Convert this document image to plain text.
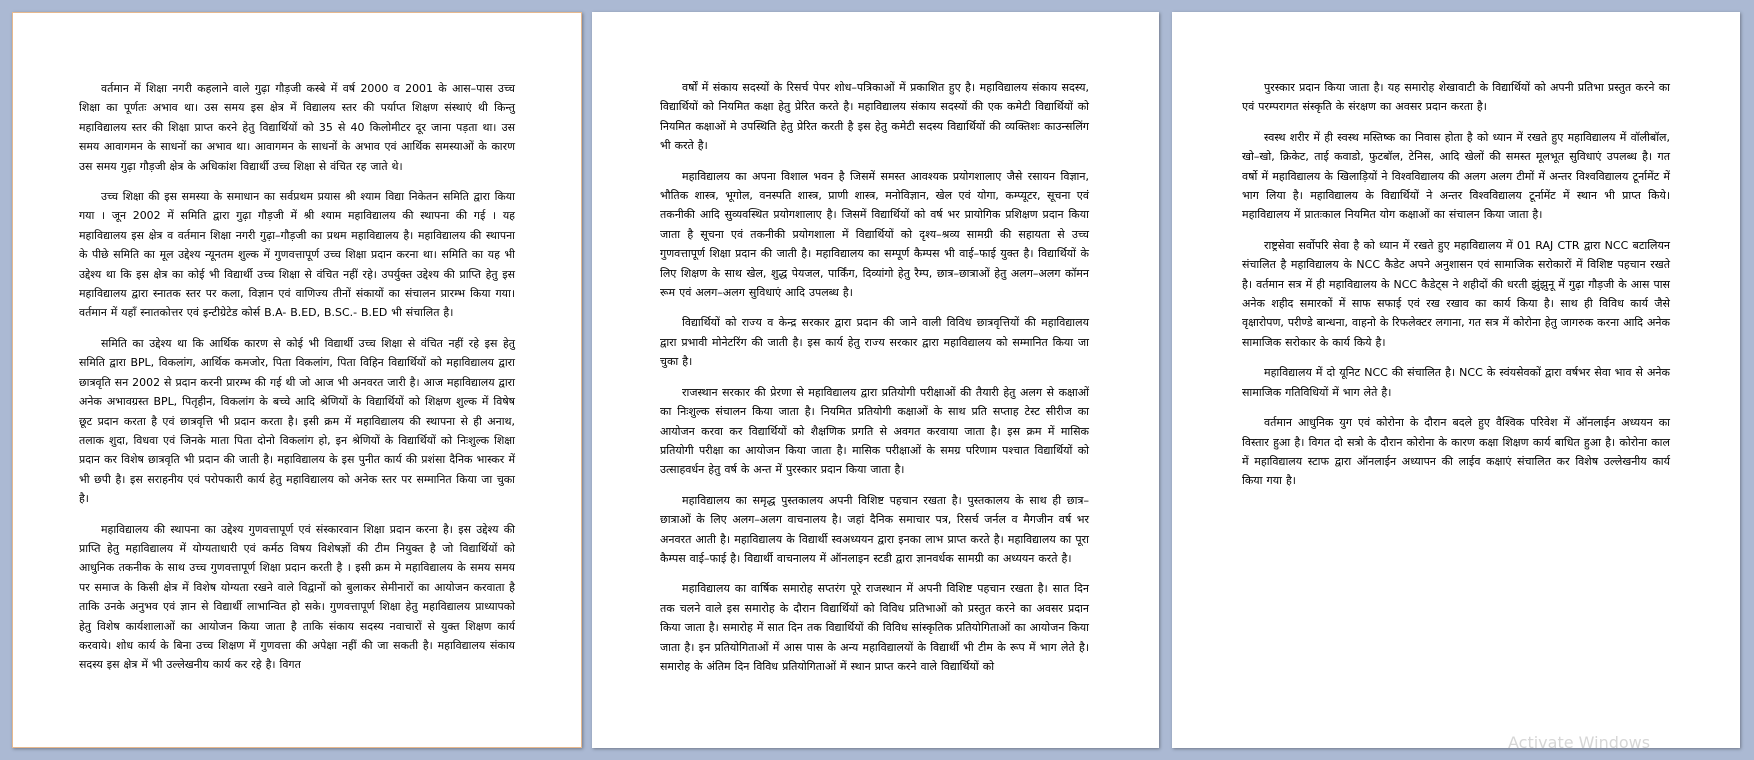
वर्तमान में शिक्षा नगरी कहलाने वाले गुढ़ा गौड़जी कस्बे में वर्ष 2000 व 2001 के आस–पास उच्च शिक्षा का पूर्णतः अभाव था। उस समय इस क्षेत्र में विद्यालय स्तर की पर्याप्त शिक्षण संस्थाएं थी किन्तु महाविद्यालय स्तर की शिक्षा प्राप्त करने हेतु विद्यार्थियों को 35 से 40 किलोमीटर दूर जाना पड़ता था। उस समय आवागमन के साधनों का अभाव था। आवागमन के साधनों के अभाव एवं आर्थिक समस्याओं के कारण उस समय गुढ़ा गौड़जी क्षेत्र के अधिकांश विद्यार्थी उच्च शिक्षा से वंचित रह जाते थे।

उच्च शिक्षा की इस समस्या के समाधान का सर्वप्रथम प्रयास श्री श्याम विद्या निकेतन समिति द्वारा किया गया । जून 2002 में समिति द्वारा गुढ़ा गौड़जी में श्री श्याम महाविद्यालय की स्थापना की गई । यह महाविद्यालय इस क्षेत्र व वर्तमान शिक्षा नगरी गुढ़ा–गौड़जी का प्रथम महाविद्यालय है। महाविद्यालय की स्थापना के पीछे समिति का मूल उद्देश्य न्यूनतम शुल्क में गुणवत्तापूर्ण उच्च शिक्षा प्रदान करना था। समिति का यह भी उद्देश्य था कि इस क्षेत्र का कोई भी विद्यार्थी उच्च शिक्षा से वंचित नहीं रहे। उपर्युक्त उद्देश्य की प्राप्ति हेतु इस महाविद्यालय द्वारा स्नातक स्तर पर कला, विज्ञान एवं वाणिज्य तीनों संकायों का संचालन प्रारम्भ किया गया। वर्तमान में यहाँ स्नातकोत्तर एवं इन्टीग्रेटेड कोर्स B.A- B.ED, B.SC.- B.ED भी संचालित है।

समिति का उद्देश्य था कि आर्थिक कारण से कोई भी विद्यार्थी उच्च शिक्षा से वंचित नहीं रहे इस हेतु समिति द्वारा BPL, विकलांग, आर्थिक कमजोर, पिता विकलांग, पिता विहिन विद्यार्थियों को महाविद्यालय द्वारा छात्रवृति सन 2002 से प्रदान करनी प्रारम्भ की गई थी जो आज भी अनवरत जारी है। आज महाविद्यालय द्वारा अनेक अभावग्रस्त BPL, पितृहीन, विकलांग के बच्चे आदि श्रेणियों के विद्यार्थियों को शिक्षण शुल्क में विषेष छूट प्रदान करता है एवं छात्रवृत्ति भी प्रदान करता है। इसी क्रम में महाविद्यालय की स्थापना से ही अनाथ, तलाक शुदा, विधवा एवं जिनके माता पिता दोनो विकलांग हो, इन श्रेणियों के विद्यार्थियों को निःशुल्क शिक्षा प्रदान कर विशेष छात्रवृति भी प्रदान की जाती है। महाविद्यालय के इस पुनीत कार्य की प्रशंसा दैनिक भास्कर में भी छपी है। इस सराहनीय एवं परोपकारी कार्य हेतु महाविद्यालय को अनेक स्तर पर सम्मानित किया जा चुका है।

महाविद्यालय की स्थापना का उद्देश्य गुणवत्तापूर्ण एवं संस्कारवान शिक्षा प्रदान करना है। इस उद्देश्य की प्राप्ति हेतु महाविद्यालय में योग्यताधारी एवं कर्मठ विषय विशेषज्ञों की टीम नियुक्त है जो विद्यार्थियों को आधुनिक तकनीक के साथ उच्च गुणवत्तापूर्ण शिक्षा प्रदान करती है । इसी क्रम मे महाविद्यालय के समय समय पर समाज के किसी क्षेत्र में विशेष योग्यता रखने वाले विद्वानों को बुलाकर सेमीनारों का आयोजन करवाता है ताकि उनके अनुभव एवं ज्ञान से विद्यार्थी लाभान्वित हो सके। गुणवत्तापूर्ण शिक्षा हेतु महाविद्यालय प्राध्यापको हेतु विशेष कार्यशालाओं का आयोजन किया जाता है ताकि संकाय सदस्य नवाचारों से युक्त शिक्षण कार्य करवाये। शोध कार्य के बिना उच्च शिक्षण में गुणवत्ता की अपेक्षा नहीं की जा सकती है। महाविद्यालय संकाय सदस्य इस क्षेत्र में भी उल्लेखनीय कार्य कर रहे है। विगत

वर्षों में संकाय सदस्यों के रिसर्च पेपर शोध–पत्रिकाओं में प्रकाशित हुए है। महाविद्यालय संकाय सदस्य, विद्यार्थियों को नियमित कक्षा हेतु प्रेरित करते है। महाविद्यालय संकाय सदस्यों की एक कमेटी विद्यार्थियों को नियमित कक्षाओं मे उपस्थिति हेतु प्रेरित करती है इस हेतु कमेटी सदस्य विद्यार्थियों की व्यक्तिशः काउन्सलिंग भी करते है।

महाविद्यालय का अपना विशाल भवन है जिसमें समस्त आवश्यक प्रयोगशालाए जैसे रसायन विज्ञान, भौतिक शास्त्र, भूगोल, वनस्पति शास्त्र, प्राणी शास्त्र, मनोविज्ञान, खेल एवं योगा, कम्प्यूटर, सूचना एवं तकनीकी आदि सुव्यवस्थित प्रयोगशालाए है। जिसमें विद्यार्थियों को वर्ष भर प्रायोगिक प्रशिक्षण प्रदान किया जाता है सूचना एवं तकनीकी प्रयोगशाला में विद्यार्थियों को दृश्य–श्रव्य सामग्री की सहायता से उच्च गुणवत्तापूर्ण शिक्षा प्रदान की जाती है। महाविद्यालय का सम्पूर्ण कैम्पस भी वाई–फाई युक्त है। विद्यार्थियों के लिए शिक्षण के साथ खेल, शुद्ध पेयजल, पार्किंग, दिव्यांगो हेतु रैम्प, छात्र–छात्राओं हेतु अलग–अलग कॉमन रूम एवं अलग–अलग सुविधाएं आदि उपलब्ध है।

विद्यार्थियों को राज्य व केन्द्र सरकार द्वारा प्रदान की जाने वाली विविध छात्रवृत्तियों की महाविद्यालय द्वारा प्रभावी मोनेटरिंग की जाती है। इस कार्य हेतु राज्य सरकार द्वारा महाविद्यालय को सम्मानित किया जा चुका है।

राजस्थान सरकार की प्रेरणा से महाविद्यालय द्वारा प्रतियोगी परीक्षाओं की तैयारी हेतु अलग से कक्षाओं का निःशुल्क संचालन किया जाता है। नियमित प्रतियोगी कक्षाओं के साथ प्रति सप्ताह टेस्ट सीरीज का आयोजन करवा कर विद्यार्थियों को शैक्षणिक प्रगति से अवगत करवाया जाता है। इस क्रम में मासिक प्रतियोगी परीक्षा का आयोजन किया जाता है। मासिक परीक्षाओं के समग्र परिणाम पश्चात विद्यार्थियों को उत्साहवर्धन हेतु वर्ष के अन्त में पुरस्कार प्रदान किया जाता है।

महाविद्यालय का समृद्ध पुस्तकालय अपनी विशिष्ट पहचान रखता है। पुस्तकालय के साथ ही छात्र–छात्राओं के लिए अलग–अलग वाचनालय है। जहां दैनिक समाचार पत्र, रिसर्च जर्नल व मैगजीन वर्ष भर अनवरत आती है। महाविद्यालय के विद्यार्थी स्वअध्ययन द्वारा इनका लाभ प्राप्त करते है। महाविद्यालय का पूरा कैम्पस वाई–फाई है। विद्यार्थी वाचनालय में ऑनलाइन स्टडी द्वारा ज्ञानवर्धक सामग्री का अध्ययन करते है।

महाविद्यालय का वार्षिक समारोह सप्तरंग पूरे राजस्थान में अपनी विशिष्ट पहचान रखता है। सात दिन तक चलने वाले इस समारोह के दौरान विद्यार्थियों को विविध प्रतिभाओं को प्रस्तुत करने का अवसर प्रदान किया जाता है। समारोह में सात दिन तक विद्यार्थियों की विविध सांस्कृतिक प्रतियोगिताओं का आयोजन किया जाता है। इन प्रतियोगिताओं में आस पास के अन्य महाविद्यालयों के विद्यार्थी भी टीम के रूप में भाग लेते है। समारोह के अंतिम दिन विविध प्रतियोगिताओं में स्थान प्राप्त करने वाले विद्यार्थियों को

पुरस्कार प्रदान किया जाता है। यह समारोह शेखावाटी के विद्यार्थियों को अपनी प्रतिभा प्रस्तुत करने का एवं परम्परागत संस्कृति के संरक्षण का अवसर प्रदान करता है।

स्वस्थ शरीर में ही स्वस्थ मस्तिष्क का निवास होता है को ध्यान में रखते हुए महाविद्यालय में वॉलीबॉल, खो–खो, क्रिकेट, ताई कवाडो, फुटबॉल, टेनिस, आदि खेलों की समस्त मूलभूत सुविधाएं उपलब्ध है। गत वर्षो में महाविद्यालय के खिलाड़ियों ने विश्वविद्यालय की अलग अलग टीमों में अन्तर विश्वविद्यालय टूर्नामेंट में भाग लिया है। महाविद्यालय के विद्यार्थियों ने अन्तर विश्वविद्यालय टूर्नामेंट में स्थान भी प्राप्त किये। महाविद्यालय में प्रातःकाल नियमित योग कक्षाओं का संचालन किया जाता है।

राष्ट्रसेवा सर्वोपरि सेवा है को ध्यान में रखते हुए महाविद्यालय में 01 RAJ CTR द्वारा NCC बटालियन संचालित है महाविद्यालय के NCC कैडेट अपने अनुशासन एवं सामाजिक सरोकारों में विशिष्ट पहचान रखते है। वर्तमान सत्र में ही महाविद्यालय के NCC कैडेट्स ने शहीदों की धरती झुंझुनू में गुढ़ा गौड़जी के आस पास अनेक शहीद समारकों में साफ सफाई एवं रख रखाव का कार्य किया है। साथ ही विविध कार्य जैसे वृक्षारोपण, परीण्डे बान्धना, वाहनो के रिफलेक्टर लगाना, गत सत्र में कोरोना हेतु जागरुक करना आदि अनेक सामाजिक सरोकार के कार्य किये है।

महाविद्यालय में दो यूनिट NCC की संचालित है। NCC के स्वंयसेवकों द्वारा वर्षभर सेवा भाव से अनेक सामाजिक गतिविधियों में भाग लेते है।

वर्तमान आधुनिक युग एवं कोरोना के दौरान बदले हुए वैश्विक परिवेश में ऑनलाईन अध्ययन का विस्तार हुआ है। विगत दो सत्रो के दौरान कोरोना के कारण कक्षा शिक्षण कार्य बाधित हुआ है। कोरोना काल में महाविद्यालय स्टाफ द्वारा ऑनलाईन अध्यापन की लाईव कक्षाएं संचालित कर विशेष उल्लेखनीय कार्य किया गया है।

Activate Windows
